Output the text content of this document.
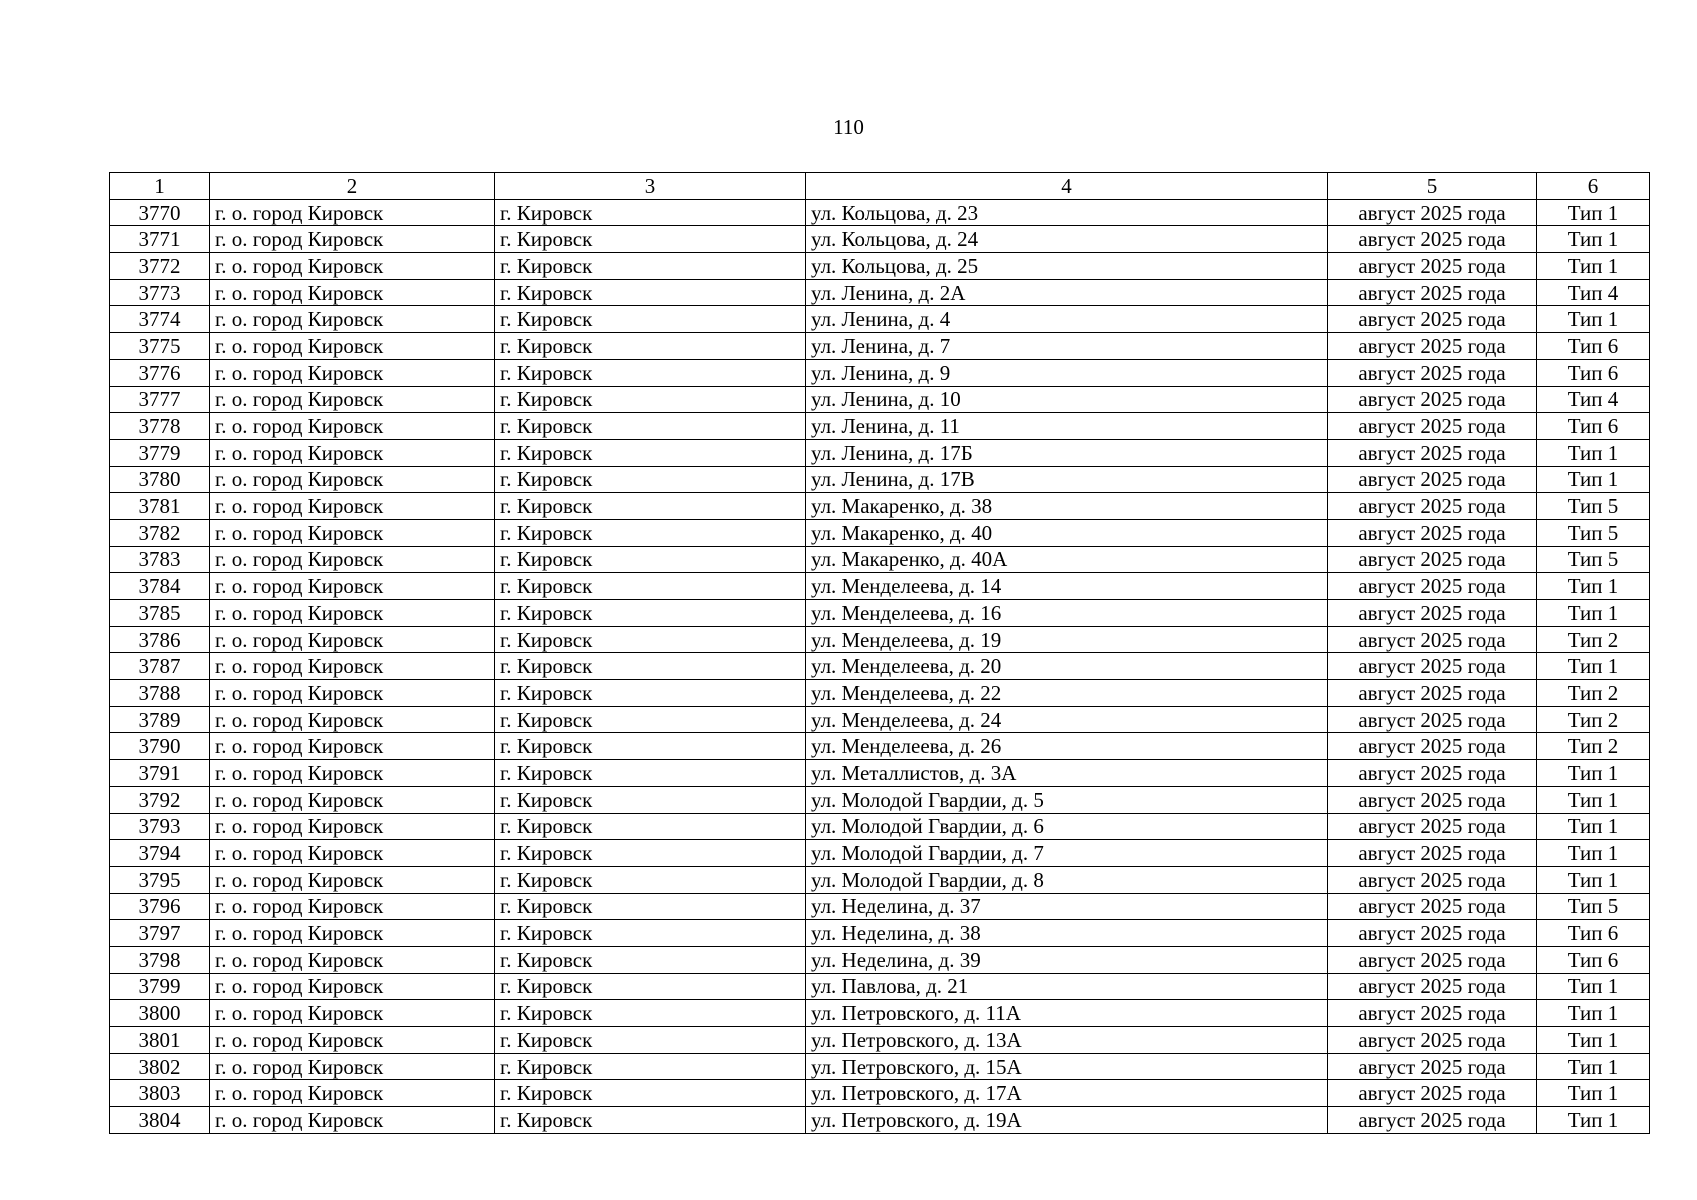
110
1	2	3	4	5	6
3770	г. о. город Кировск	г. Кировск	ул. Кольцова, д. 23	август 2025 года	Тип 1
3771	г. о. город Кировск	г. Кировск	ул. Кольцова, д. 24	август 2025 года	Тип 1
3772	г. о. город Кировск	г. Кировск	ул. Кольцова, д. 25	август 2025 года	Тип 1
3773	г. о. город Кировск	г. Кировск	ул. Ленина, д. 2А	август 2025 года	Тип 4
3774	г. о. город Кировск	г. Кировск	ул. Ленина, д. 4	август 2025 года	Тип 1
3775	г. о. город Кировск	г. Кировск	ул. Ленина, д. 7	август 2025 года	Тип 6
3776	г. о. город Кировск	г. Кировск	ул. Ленина, д. 9	август 2025 года	Тип 6
3777	г. о. город Кировск	г. Кировск	ул. Ленина, д. 10	август 2025 года	Тип 4
3778	г. о. город Кировск	г. Кировск	ул. Ленина, д. 11	август 2025 года	Тип 6
3779	г. о. город Кировск	г. Кировск	ул. Ленина, д. 17Б	август 2025 года	Тип 1
3780	г. о. город Кировск	г. Кировск	ул. Ленина, д. 17В	август 2025 года	Тип 1
3781	г. о. город Кировск	г. Кировск	ул. Макаренко, д. 38	август 2025 года	Тип 5
3782	г. о. город Кировск	г. Кировск	ул. Макаренко, д. 40	август 2025 года	Тип 5
3783	г. о. город Кировск	г. Кировск	ул. Макаренко, д. 40А	август 2025 года	Тип 5
3784	г. о. город Кировск	г. Кировск	ул. Менделеева, д. 14	август 2025 года	Тип 1
3785	г. о. город Кировск	г. Кировск	ул. Менделеева, д. 16	август 2025 года	Тип 1
3786	г. о. город Кировск	г. Кировск	ул. Менделеева, д. 19	август 2025 года	Тип 2
3787	г. о. город Кировск	г. Кировск	ул. Менделеева, д. 20	август 2025 года	Тип 1
3788	г. о. город Кировск	г. Кировск	ул. Менделеева, д. 22	август 2025 года	Тип 2
3789	г. о. город Кировск	г. Кировск	ул. Менделеева, д. 24	август 2025 года	Тип 2
3790	г. о. город Кировск	г. Кировск	ул. Менделеева, д. 26	август 2025 года	Тип 2
3791	г. о. город Кировск	г. Кировск	ул. Металлистов, д. 3А	август 2025 года	Тип 1
3792	г. о. город Кировск	г. Кировск	ул. Молодой Гвардии, д. 5	август 2025 года	Тип 1
3793	г. о. город Кировск	г. Кировск	ул. Молодой Гвардии, д. 6	август 2025 года	Тип 1
3794	г. о. город Кировск	г. Кировск	ул. Молодой Гвардии, д. 7	август 2025 года	Тип 1
3795	г. о. город Кировск	г. Кировск	ул. Молодой Гвардии, д. 8	август 2025 года	Тип 1
3796	г. о. город Кировск	г. Кировск	ул. Неделина, д. 37	август 2025 года	Тип 5
3797	г. о. город Кировск	г. Кировск	ул. Неделина, д. 38	август 2025 года	Тип 6
3798	г. о. город Кировск	г. Кировск	ул. Неделина, д. 39	август 2025 года	Тип 6
3799	г. о. город Кировск	г. Кировск	ул. Павлова, д. 21	август 2025 года	Тип 1
3800	г. о. город Кировск	г. Кировск	ул. Петровского, д. 11А	август 2025 года	Тип 1
3801	г. о. город Кировск	г. Кировск	ул. Петровского, д. 13А	август 2025 года	Тип 1
3802	г. о. город Кировск	г. Кировск	ул. Петровского, д. 15А	август 2025 года	Тип 1
3803	г. о. город Кировск	г. Кировск	ул. Петровского, д. 17А	август 2025 года	Тип 1
3804	г. о. город Кировск	г. Кировск	ул. Петровского, д. 19А	август 2025 года	Тип 1
